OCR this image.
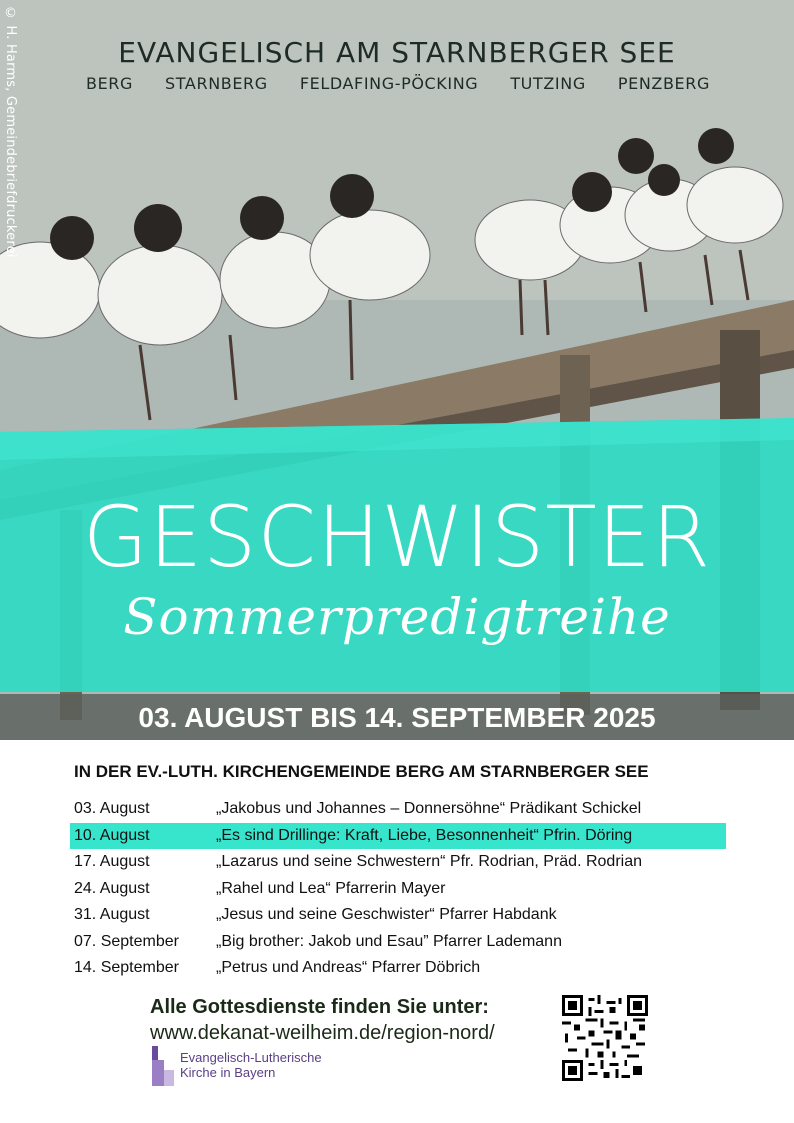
© H. Harms, Gemeindebriefdruckerei	EVANGELISCH AM STARNBERGER SEE
BERG STARNBERG FELDAFING-PÖCKING TUTZING PENZBERG
GESCHWISTER
Sommerpredigtreihe
03. AUGUST BIS 14. SEPTEMBER 2025
IN DER EV.-LUTH. KIRCHENGEMEINDE BERG AM STARNBERGER SEE
03. August	„Jakobus und Johannes – Donnersöhne“ Prädikant Schickel
10. August	„Es sind Drillinge: Kraft, Liebe, Besonnenheit“ Pfrin. Döring
17. August	„Lazarus und seine Schwestern“ Pfr. Rodrian, Präd. Rodrian
24. August	„Rahel und Lea“ Pfarrerin Mayer
31. August	„Jesus und seine Geschwister“ Pfarrer Habdank
07. September	„Big brother: Jakob und Esau” Pfarrer Lademann
14. September	„Petrus und Andreas“ Pfarrer Döbrich
Alle Gottesdienste finden Sie unter:
www.dekanat-weilheim.de/region-nord/
Evangelisch-Lutherische
Kirche in Bayern
